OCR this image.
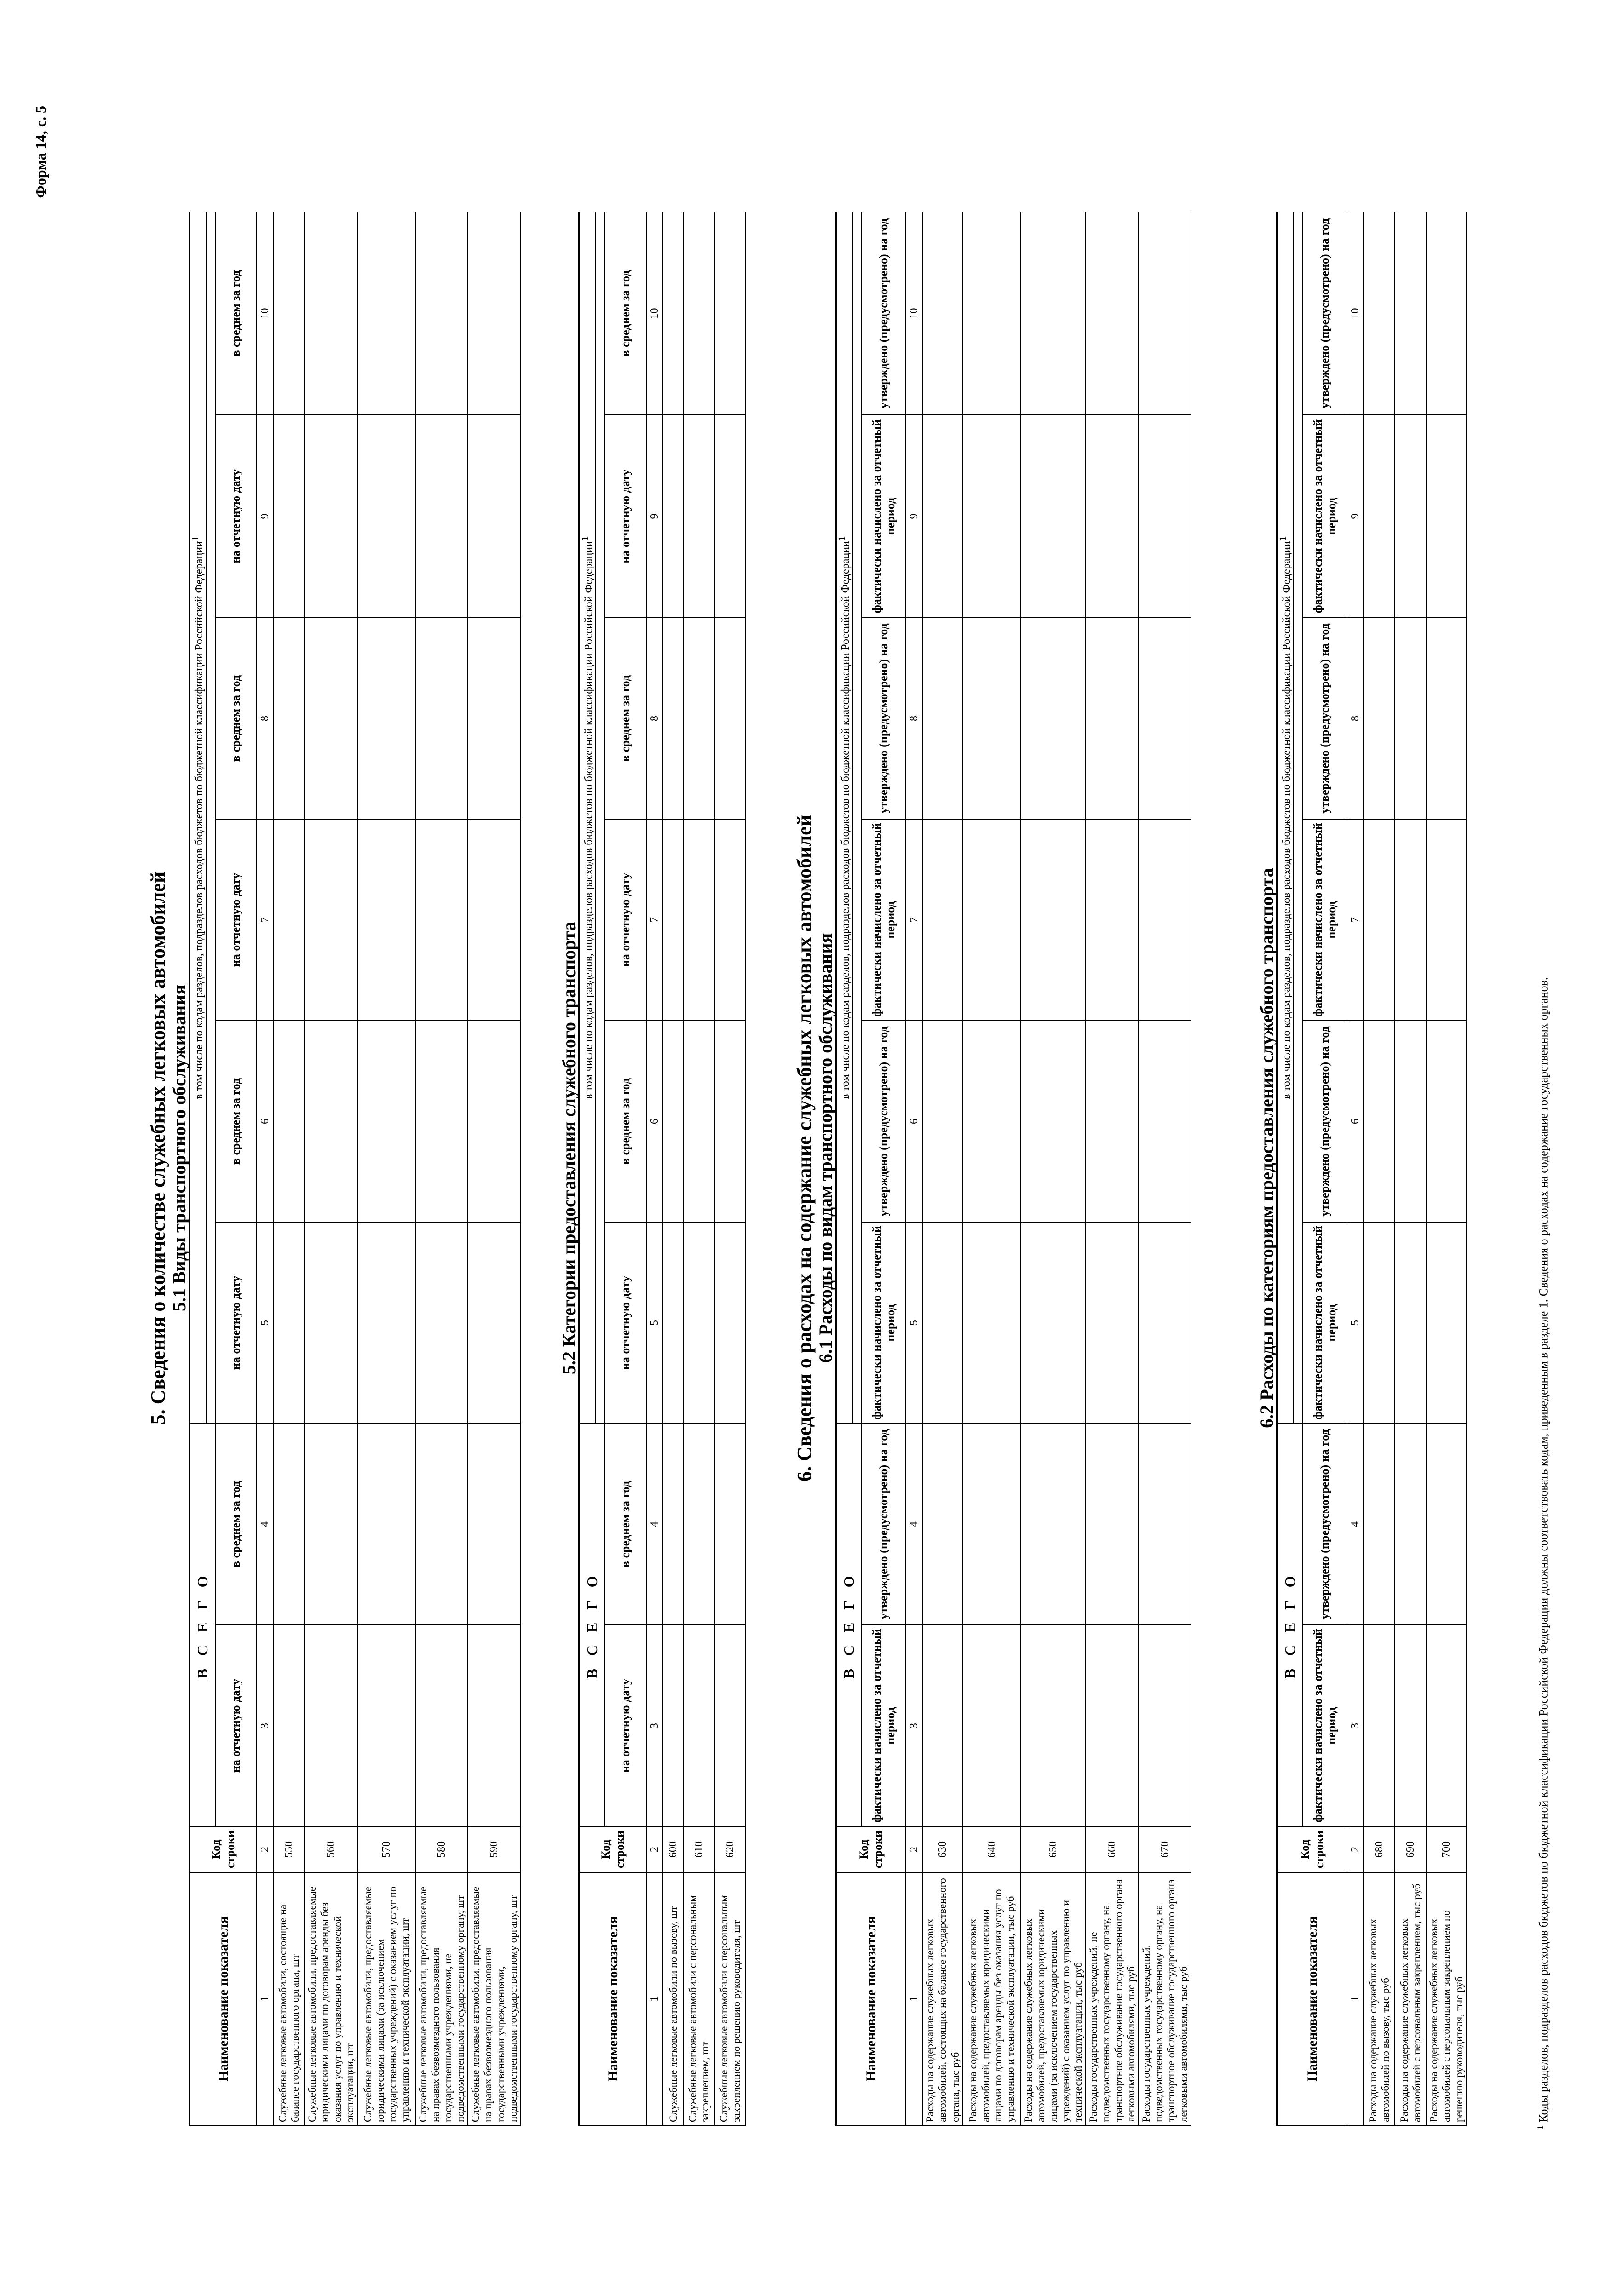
Форма 14, с. 5
5. Сведения о количестве служебных легковых автомобилей 5.1 Виды транспортного обслуживания
Наименование показателя	Код строки	В С Е Г О		в том числе по кодам разделов, подразделов расходов бюджетов по бюджетной классификации Российской Федерации$^1$

		на отчетную дату	в среднем за год	на отчетную дату	в среднем за год	на отчетную дату	в среднем за год	на отчетную дату	в среднем за год
1	2	3	4	5	6	7	8	9	10
Служебные легковые автомобили, состоящие на балансе государственного органа, шт	550								
Служебные легковые автомобили, предоставляемые юридическими лицами по договорам аренды без оказания услуг по управлению и технической эксплуатации, шт	560								
Служебные легковые автомобили, предоставляемые юридическими лицами (за исключением государственных учреждений) с оказанием услуг по управлению и технической эксплуатации, шт	570								
Служебные легковые автомобили, предоставляемые на правах безвозмездного пользования государственными учреждениями, не подведомственными государственному органу, шт	580								
Служебные легковые автомобили, предоставляемые на правах безвозмездного пользования государственными учреждениями, подведомственными государственному органу, шт	590								
5.2 Категории предоставления служебного транспорта
Наименование показателя	Код строки	В С Е Г О		в том числе по кодам разделов, подразделов расходов бюджетов по бюджетной классификации Российской Федерации$^1$

		на отчетную дату	в среднем за год	на отчетную дату	в среднем за год	на отчетную дату	в среднем за год	на отчетную дату	в среднем за год
1	2	3	4	5	6	7	8	9	10
Служебные легковые автомобили по вызову, шт	600								
Служебные легковые автомобили с персональным закреплением, шт	610								
Служебные легковые автомобили с персональным закреплением по решению руководителя, шт	620								
6. Сведения о расходах на содержание служебных легковых автомобилей 6.1 Расходы по видам транспортного обслуживания
Наименование показателя	Код строки	В С Е Г О		в том числе по кодам разделов, подразделов расходов бюджетов по бюджетной классификации Российской Федерации$^1$

		фактически начислено за отчетный период	утверждено (предусмотрено) на год	фактически начислено за отчетный период	утверждено (предусмотрено) на год	фактически начислено за отчетный период	утверждено (предусмотрено) на год	фактически начислено за отчетный период	утверждено (предусмотрено) на год
1	2	3	4	5	6	7	8	9	10
Расходы на содержание служебных легковых автомобилей, состоящих на балансе государственного органа, тыс руб	630								
Расходы на содержание служебных легковых автомобилей, предоставляемых юридическими лицами по договорам аренды без оказания услуг по управлению и технической эксплуатации, тыс руб	640								
Расходы на содержание служебных легковых автомобилей, предоставляемых юридическими лицами (за исключением государственных учреждений) с оказанием услуг по управлению и технической эксплуатации, тыс руб	650								
Расходы государственных учреждений, не подведомственных государственному органу, на транспортное обслуживание государственного органа легковыми автомобилями, тыс руб	660								
Расходы государственных учреждений, подведомственных государственному органу, на транспортное обслуживание государственного органа легковыми автомобилями, тыс руб	670								
6.2 Расходы по категориям предоставления служебного транспорта
Наименование показателя	Код строки	В С Е Г О		в том числе по кодам разделов, подразделов расходов бюджетов по бюджетной классификации Российской Федерации$^1$

		фактически начислено за отчетный период	утверждено (предусмотрено) на год	фактически начислено за отчетный период	утверждено (предусмотрено) на год	фактически начислено за отчетный период	утверждено (предусмотрено) на год	фактически начислено за отчетный период	утверждено (предусмотрено) на год
1	2	3	4	5	6	7	8	9	10
Расходы на содержание служебных легковых автомобилей по вызову, тыс руб	680								
Расходы на содержание служебных легковых автомобилей с персональным закреплением, тыс руб	690								
Расходы на содержание служебных легковых автомобилей с персональным закреплением по решению руководителя, тыс руб	700								
$^1$ Коды разделов, подразделов расходов бюджетов по бюджетной классификации Российской Федерации должны соответствовать кодам, приведенным в разделе 1. Сведения о расходах на содержание государственных органов.
